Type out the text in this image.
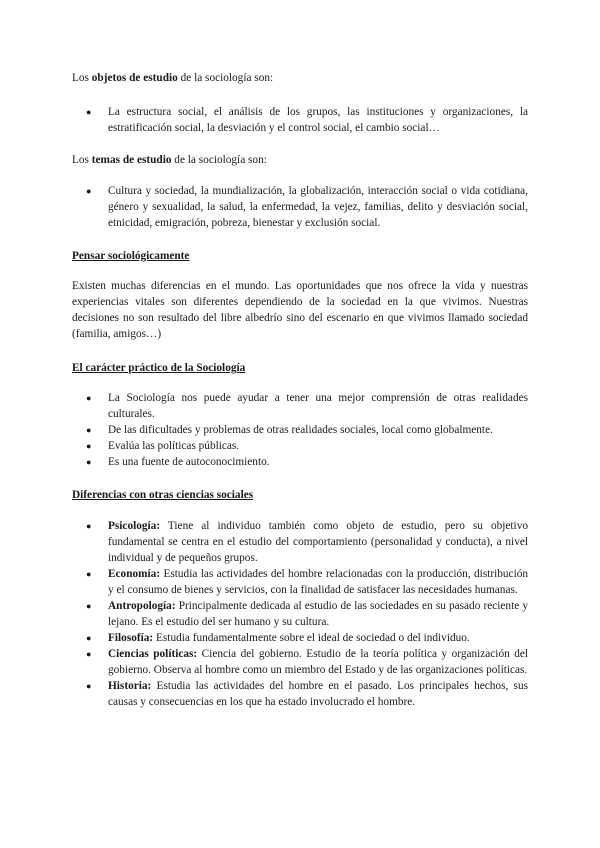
Los objetos de estudio de la sociología son:

● La estructura social, el análisis de los grupos, las instituciones y organizaciones, la estratificación social, la desviación y el control social, el cambio social…

Los temas de estudio de la sociología son:

● Cultura y sociedad, la mundialización, la globalización, interacción social o vida cotidiana, género y sexualidad, la salud, la enfermedad, la vejez, familias, delito y desviación social, etnicidad, emigración, pobreza, bienestar y exclusión social.
Pensar sociológicamente

Existen muchas diferencias en el mundo. Las oportunidades que nos ofrece la vida y nuestras experiencias vitales son diferentes dependiendo de la sociedad en la que vivimos. Nuestras decisiones no son resultado del libre albedrío sino del escenario en que vivimos llamado sociedad (familia, amigos…)

El carácter práctico de la Sociología
● La Sociología nos puede ayudar a tener una mejor comprensión de otras realidades culturales.
● De las dificultades y problemas de otras realidades sociales, local como globalmente.
● Evalúa las políticas públicas.
● Es una fuente de autoconocimiento.
Diferencias con otras ciencias sociales
● Psicología: Tiene al individuo también como objeto de estudio, pero su objetivo fundamental se centra en el estudio del comportamiento (personalidad y conducta), a nivel individual y de pequeños grupos.
● Economía: Estudia las actividades del hombre relacionadas con la producción, distribución y el consumo de bienes y servicios, con la finalidad de satisfacer las necesidades humanas.
● Antropología: Principalmente dedicada al estudio de las sociedades en su pasado reciente y lejano. Es el estudio del ser humano y su cultura.
● Filosofía: Estudia fundamentalmente sobre el ideal de sociedad o del individuo.
● Ciencias políticas: Ciencia del gobierno. Estudio de la teoría política y organización del gobierno. Observa al hombre como un miembro del Estado y de las organizaciones políticas.
● Historia: Estudia las actividades del hombre en el pasado. Los principales hechos, sus causas y consecuencias en los que ha estado involucrado el hombre.
